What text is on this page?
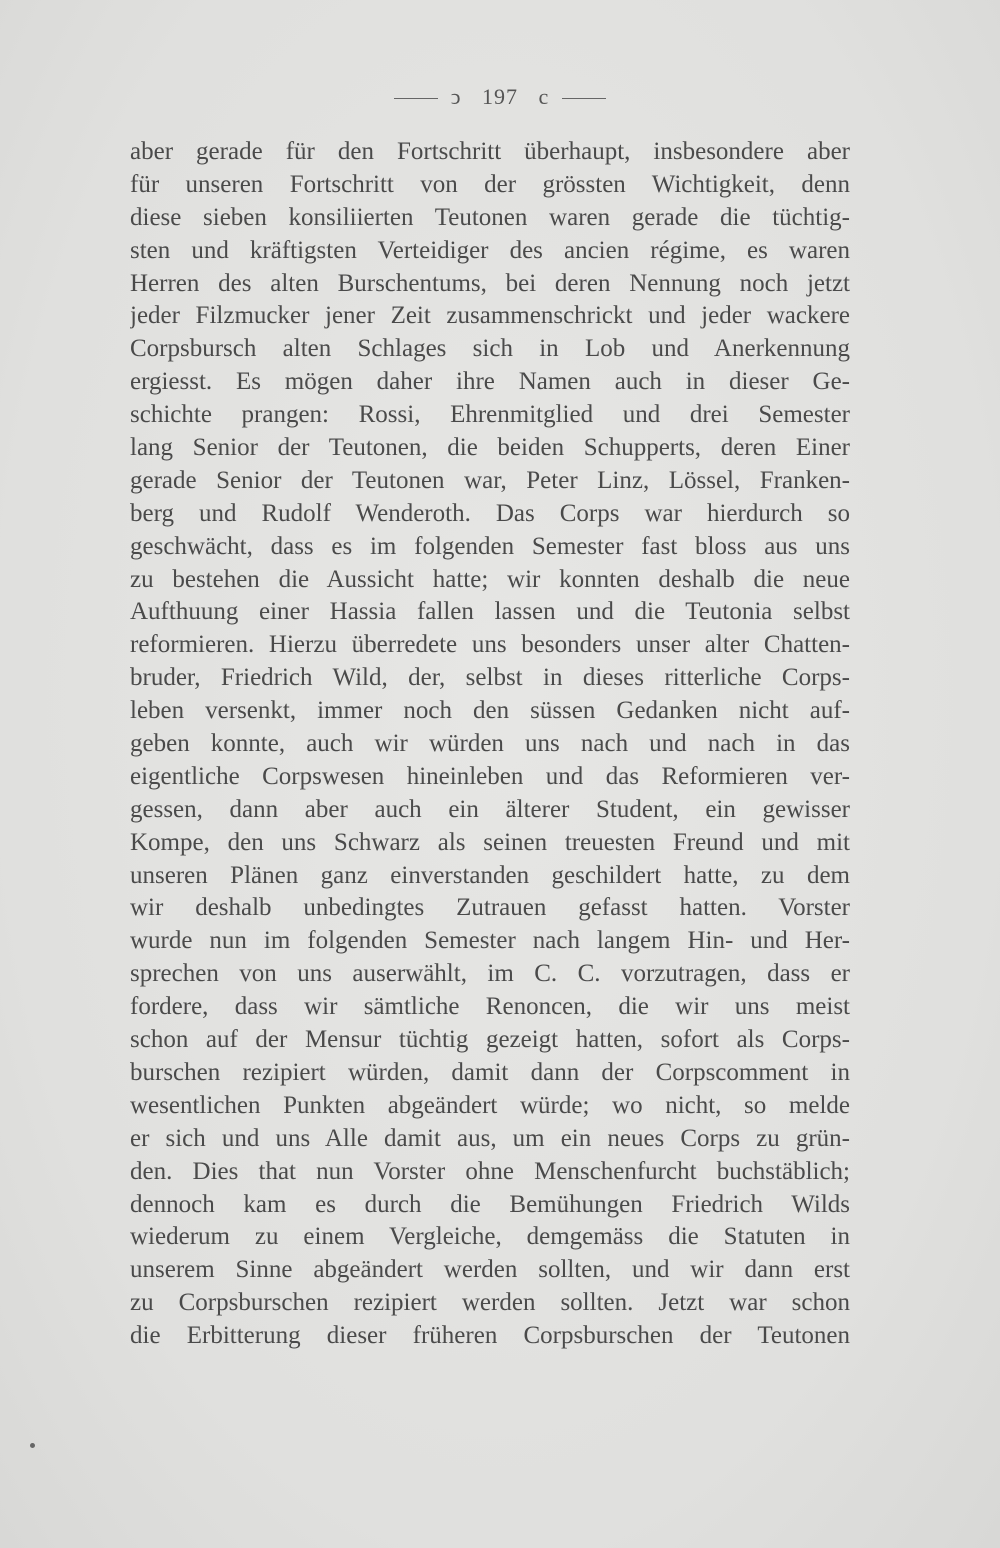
ↄ 197 c
aber gerade für den Fortschritt überhaupt, insbesondere aber
für unseren Fortschritt von der grössten Wichtigkeit, denn
diese sieben konsiliierten Teutonen waren gerade die tüchtig-
sten und kräftigsten Verteidiger des ancien régime, es waren
Herren des alten Burschentums, bei deren Nennung noch jetzt
jeder Filzmucker jener Zeit zusammenschrickt und jeder wackere
Corpsbursch alten Schlages sich in Lob und Anerkennung
ergiesst. Es mögen daher ihre Namen auch in dieser Ge-
schichte prangen: Rossi, Ehrenmitglied und drei Semester
lang Senior der Teutonen, die beiden Schupperts, deren Einer
gerade Senior der Teutonen war, Peter Linz, Lössel, Franken-
berg und Rudolf Wenderoth. Das Corps war hierdurch so
geschwächt, dass es im folgenden Semester fast bloss aus uns
zu bestehen die Aussicht hatte; wir konnten deshalb die neue
Aufthuung einer Hassia fallen lassen und die Teutonia selbst
reformieren. Hierzu überredete uns besonders unser alter Chatten-
bruder, Friedrich Wild, der, selbst in dieses ritterliche Corps-
leben versenkt, immer noch den süssen Gedanken nicht auf-
geben konnte, auch wir würden uns nach und nach in das
eigentliche Corpswesen hineinleben und das Reformieren ver-
gessen, dann aber auch ein älterer Student, ein gewisser
Kompe, den uns Schwarz als seinen treuesten Freund und mit
unseren Plänen ganz einverstanden geschildert hatte, zu dem
wir deshalb unbedingtes Zutrauen gefasst hatten. Vorster
wurde nun im folgenden Semester nach langem Hin- und Her-
sprechen von uns auserwählt, im C. C. vorzutragen, dass er
fordere, dass wir sämtliche Renoncen, die wir uns meist
schon auf der Mensur tüchtig gezeigt hatten, sofort als Corps-
burschen rezipiert würden, damit dann der Corpscomment in
wesentlichen Punkten abgeändert würde; wo nicht, so melde
er sich und uns Alle damit aus, um ein neues Corps zu grün-
den. Dies that nun Vorster ohne Menschenfurcht buchstäblich;
dennoch kam es durch die Bemühungen Friedrich Wilds
wiederum zu einem Vergleiche, demgemäss die Statuten in
unserem Sinne abgeändert werden sollten, und wir dann erst
zu Corpsburschen rezipiert werden sollten. Jetzt war schon
die Erbitterung dieser früheren Corpsburschen der Teutonen
